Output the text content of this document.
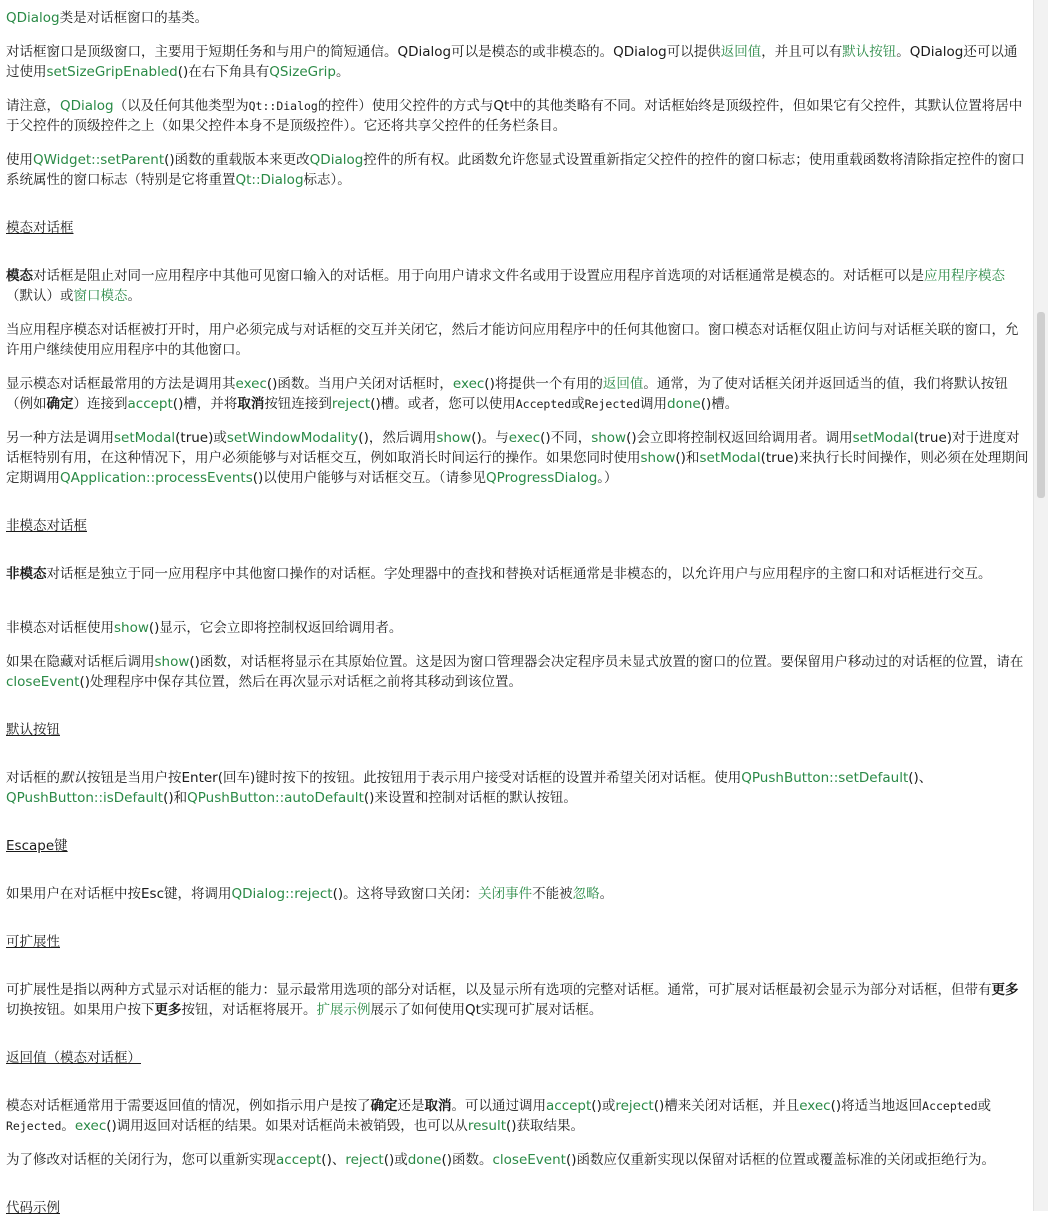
QDialog类是对话框窗口的基类。

对话框窗口是顶级窗口，主要用于短期任务和与用户的简短通信。QDialog可以是模态的或非模态的。QDialog可以提供返回值，并且可以有默认按钮。QDialog还可以通过使用setSizeGripEnabled()在右下角具有QSizeGrip。

请注意，QDialog（以及任何其他类型为Qt::Dialog的控件）使用父控件的方式与Qt中的其他类略有不同。对话框始终是顶级控件，但如果它有父控件，其默认位置将居中于父控件的顶级控件之上（如果父控件本身不是顶级控件）。它还将共享父控件的任务栏条目。

使用QWidget::setParent()函数的重载版本来更改QDialog控件的所有权。此函数允许您显式设置重新指定父控件的控件的窗口标志；使用重载函数将清除指定控件的窗口系统属性的窗口标志（特别是它将重置Qt::Dialog标志）。

模态对话框

模态对话框是阻止对同一应用程序中其他可见窗口输入的对话框。用于向用户请求文件名或用于设置应用程序首选项的对话框通常是模态的。对话框可以是应用程序模态（默认）或窗口模态。

当应用程序模态对话框被打开时，用户必须完成与对话框的交互并关闭它，然后才能访问应用程序中的任何其他窗口。窗口模态对话框仅阻止访问与对话框关联的窗口，允许用户继续使用应用程序中的其他窗口。

显示模态对话框最常用的方法是调用其exec()函数。当用户关闭对话框时，exec()将提供一个有用的返回值。通常，为了使对话框关闭并返回适当的值，我们将默认按钮（例如确定）连接到accept()槽，并将取消按钮连接到reject()槽。或者，您可以使用Accepted或Rejected调用done()槽。

另一种方法是调用setModal(true)或setWindowModality()，然后调用show()。与exec()不同，show()会立即将控制权返回给调用者。调用setModal(true)对于进度对话框特别有用，在这种情况下，用户必须能够与对话框交互，例如取消长时间运行的操作。如果您同时使用show()和setModal(true)来执行长时间操作，则必须在处理期间定期调用QApplication::processEvents()以使用户能够与对话框交互。（请参见QProgressDialog。）

非模态对话框

非模态对话框是独立于同一应用程序中其他窗口操作的对话框。字处理器中的查找和替换对话框通常是非模态的，以允许用户与应用程序的主窗口和对话框进行交互。

非模态对话框使用show()显示，它会立即将控制权返回给调用者。

如果在隐藏对话框后调用show()函数，对话框将显示在其原始位置。这是因为窗口管理器会决定程序员未显式放置的窗口的位置。要保留用户移动过的对话框的位置，请在closeEvent()处理程序中保存其位置，然后在再次显示对话框之前将其移动到该位置。

默认按钮

对话框的默认按钮是当用户按Enter(回车)键时按下的按钮。此按钮用于表示用户接受对话框的设置并希望关闭对话框。使用QPushButton::setDefault()、QPushButton::isDefault()和QPushButton::autoDefault()来设置和控制对话框的默认按钮。

Escape键

如果用户在对话框中按Esc键，将调用QDialog::reject()。这将导致窗口关闭：关闭事件不能被忽略。

可扩展性

可扩展性是指以两种方式显示对话框的能力：显示最常用选项的部分对话框，以及显示所有选项的完整对话框。通常，可扩展对话框最初会显示为部分对话框，但带有更多切换按钮。如果用户按下更多按钮，对话框将展开。扩展示例展示了如何使用Qt实现可扩展对话框。

返回值（模态对话框）

模态对话框通常用于需要返回值的情况，例如指示用户是按了确定还是取消。可以通过调用accept()或reject()槽来关闭对话框，并且exec()将适当地返回Accepted或Rejected。exec()调用返回对话框的结果。如果对话框尚未被销毁，也可以从result()获取结果。

为了修改对话框的关闭行为，您可以重新实现accept()、reject()或done()函数。closeEvent()函数应仅重新实现以保留对话框的位置或覆盖标准的关闭或拒绝行为。

代码示例
